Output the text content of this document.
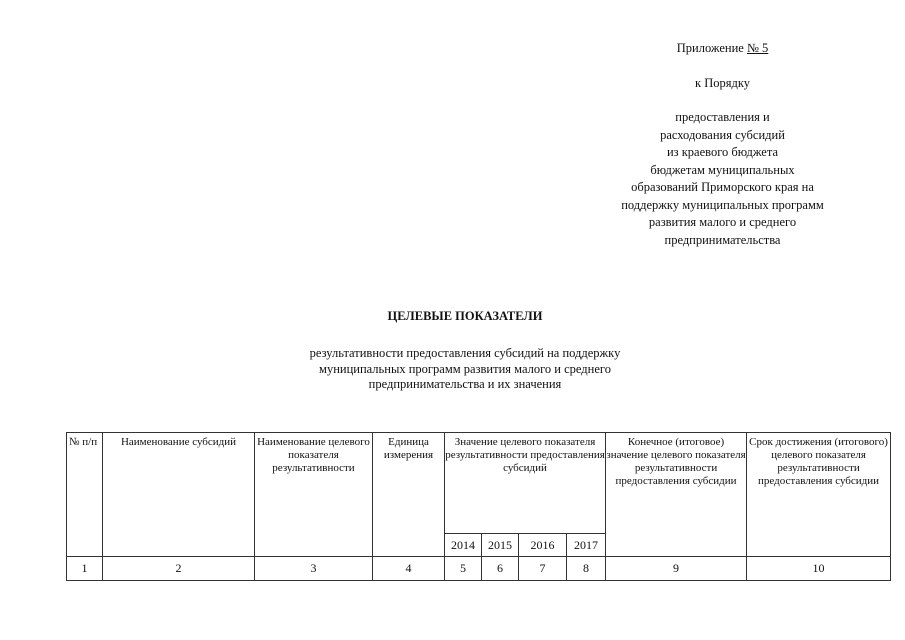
Приложение № 5
к Порядку
предоставления и
расходования субсидий
из краевого бюджета
бюджетам муниципальных
образований Приморского края на
поддержку муниципальных программ
развития малого и среднего
предпринимательства
ЦЕЛЕВЫЕ ПОКАЗАТЕЛИ
результативности предоставления субсидий на поддержку
муниципальных программ развития малого и среднего
предпринимательства и их значения
№ п/п	Наименование субсидий	Наименование целевого показателя результативности	Единица измерения	Значение целевого показателя результативности предоставления субсидий				Конечное (итоговое) значение целевого показателя результативности предоставления субсидии	Срок достижения (итогового) целевого показателя результативности предоставления субсидии
				2014	2015	2016	2017		
1	2	3	4	5	6	7	8	9	10
